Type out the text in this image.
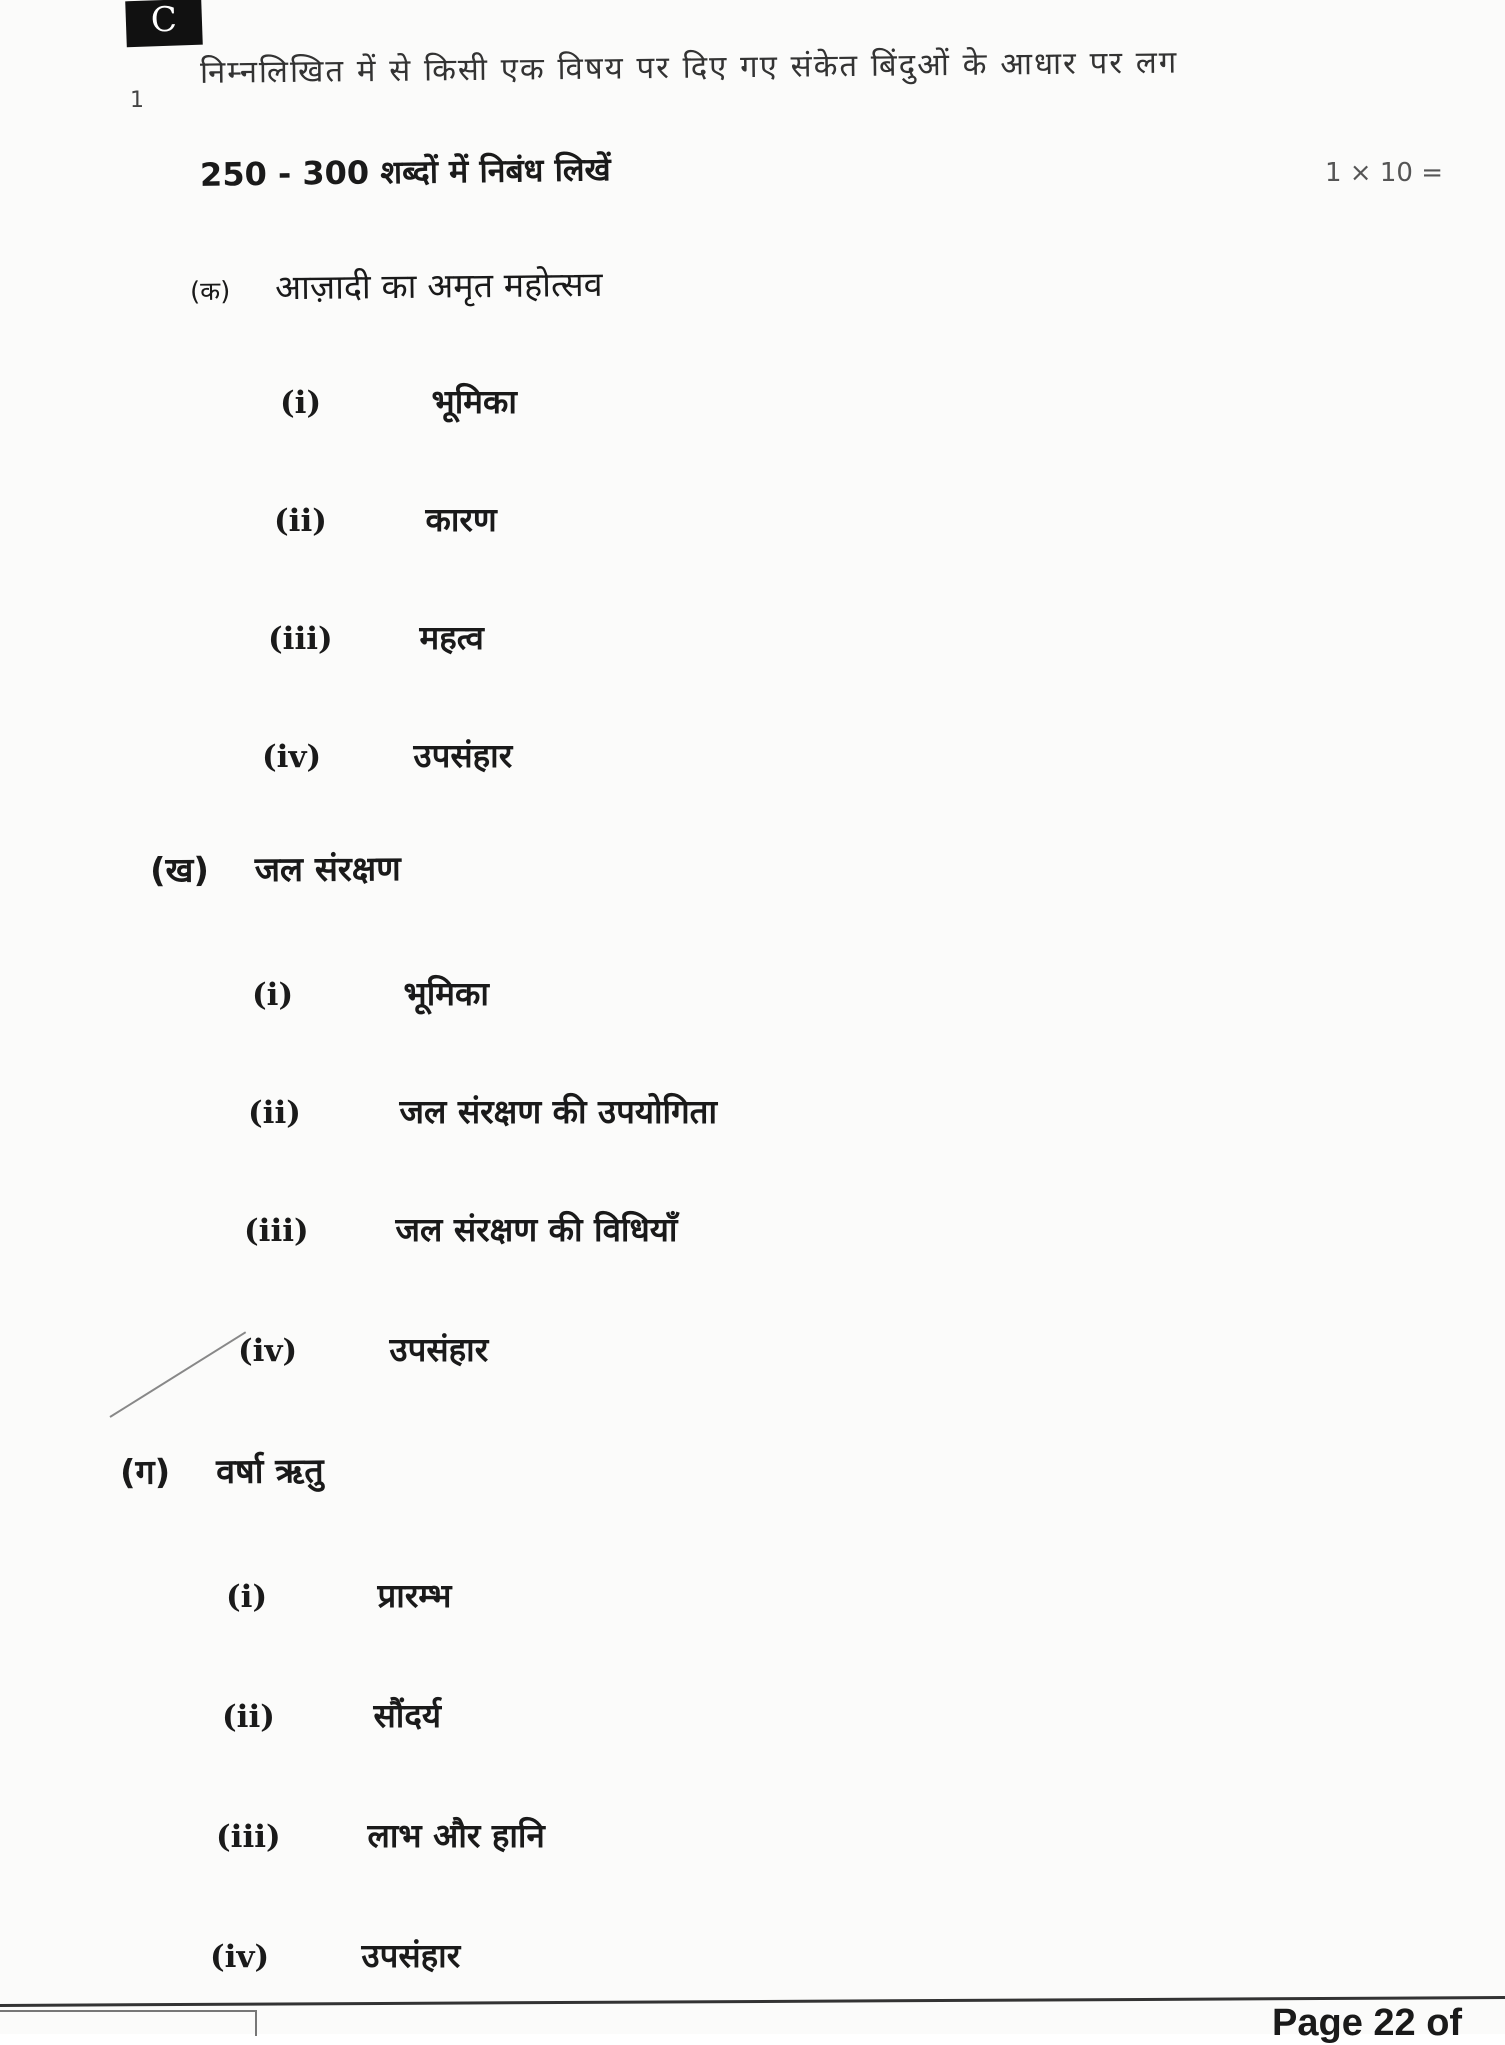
C
1
निम्नलिखित में से किसी एक विषय पर दिए गए संकेत बिंदुओं के आधार पर लग
250 - 300 शब्दों में निबंध लिखें	1 × 10 =
(क) आज़ादी का अमृत महोत्सव
(i)	भूमिका
(ii)	कारण
(iii)	महत्व
(iv)	उपसंहार
(ख) जल संरक्षण
(i)	भूमिका
(ii)	जल संरक्षण की उपयोगिता
(iii)	जल संरक्षण की विधियाँ
(iv)	उपसंहार
(ग) वर्षा ऋतु
(i)	प्रारम्भ
(ii)	सौंदर्य
(iii)	लाभ और हानि
(iv)	उपसंहार
Page 22 of
